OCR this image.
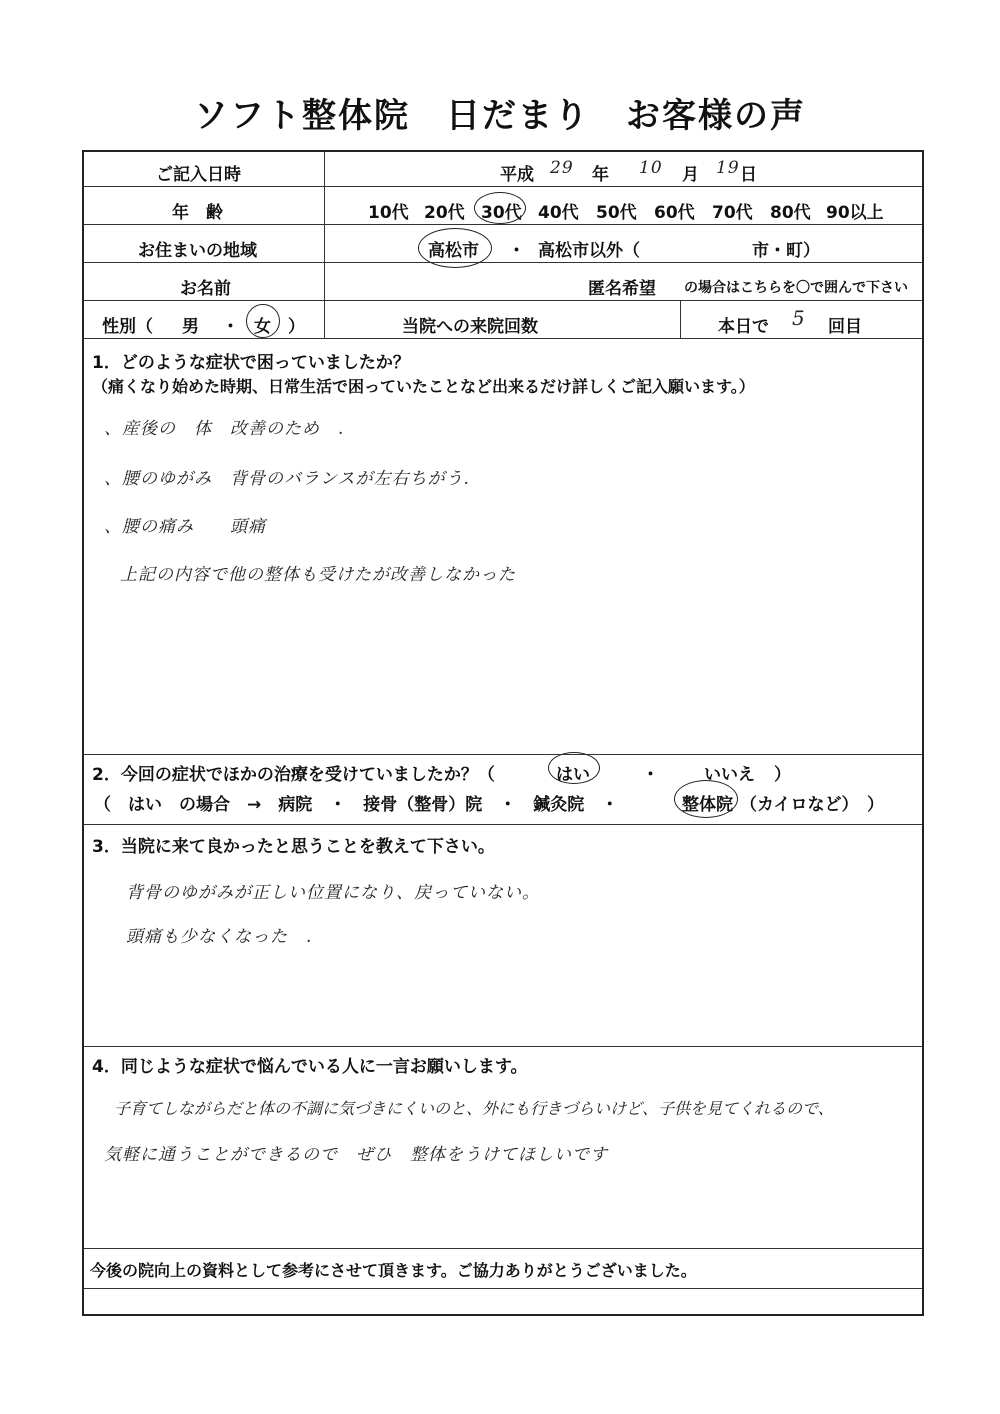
ソフト整体院　日だまり　お客様の声
ご記入日時	平成 29 年 10 月 19 日
年　齢	10代 20代 30代 40代 50代 60代 70代 80代 90以上
お住まいの地域	高松市 ・ 高松市以外（	市・町）
お名前	匿名希望 の場合はこちらを〇で囲んで下さい
性別（ 男 ・ 女 ）	当院への来院回数	本日で 5 回目
1．どのような症状で困っていましたか？
（痛くなり始めた時期、日常生活で困っていたことなど出来るだけ詳しくご記入願います。）
、産後の　体　改善のため　.
、腰のゆがみ　背骨のバランスが左右ちがう.
、腰の痛み　　頭痛
上記の内容で他の整体も受けたが改善しなかった
2．今回の症状でほかの治療を受けていましたか？（	はい	・	いいえ ）
（　はい　の場合　→　病院　・　接骨（整骨）院　・　鍼灸院　・	整体院 （カイロなど）　）
3．当院に来て良かったと思うことを教えて下さい。
背骨のゆがみが正しい位置になり、戻っていない。
頭痛も少なくなった　.
4．同じような症状で悩んでいる人に一言お願いします。
子育てしながらだと体の不調に気づきにくいのと、外にも行きづらいけど、子供を見てくれるので、
気軽に通うことができるので　ぜひ　整体をうけてほしいです
今後の院向上の資料として参考にさせて頂きます。ご協力ありがとうございました。
